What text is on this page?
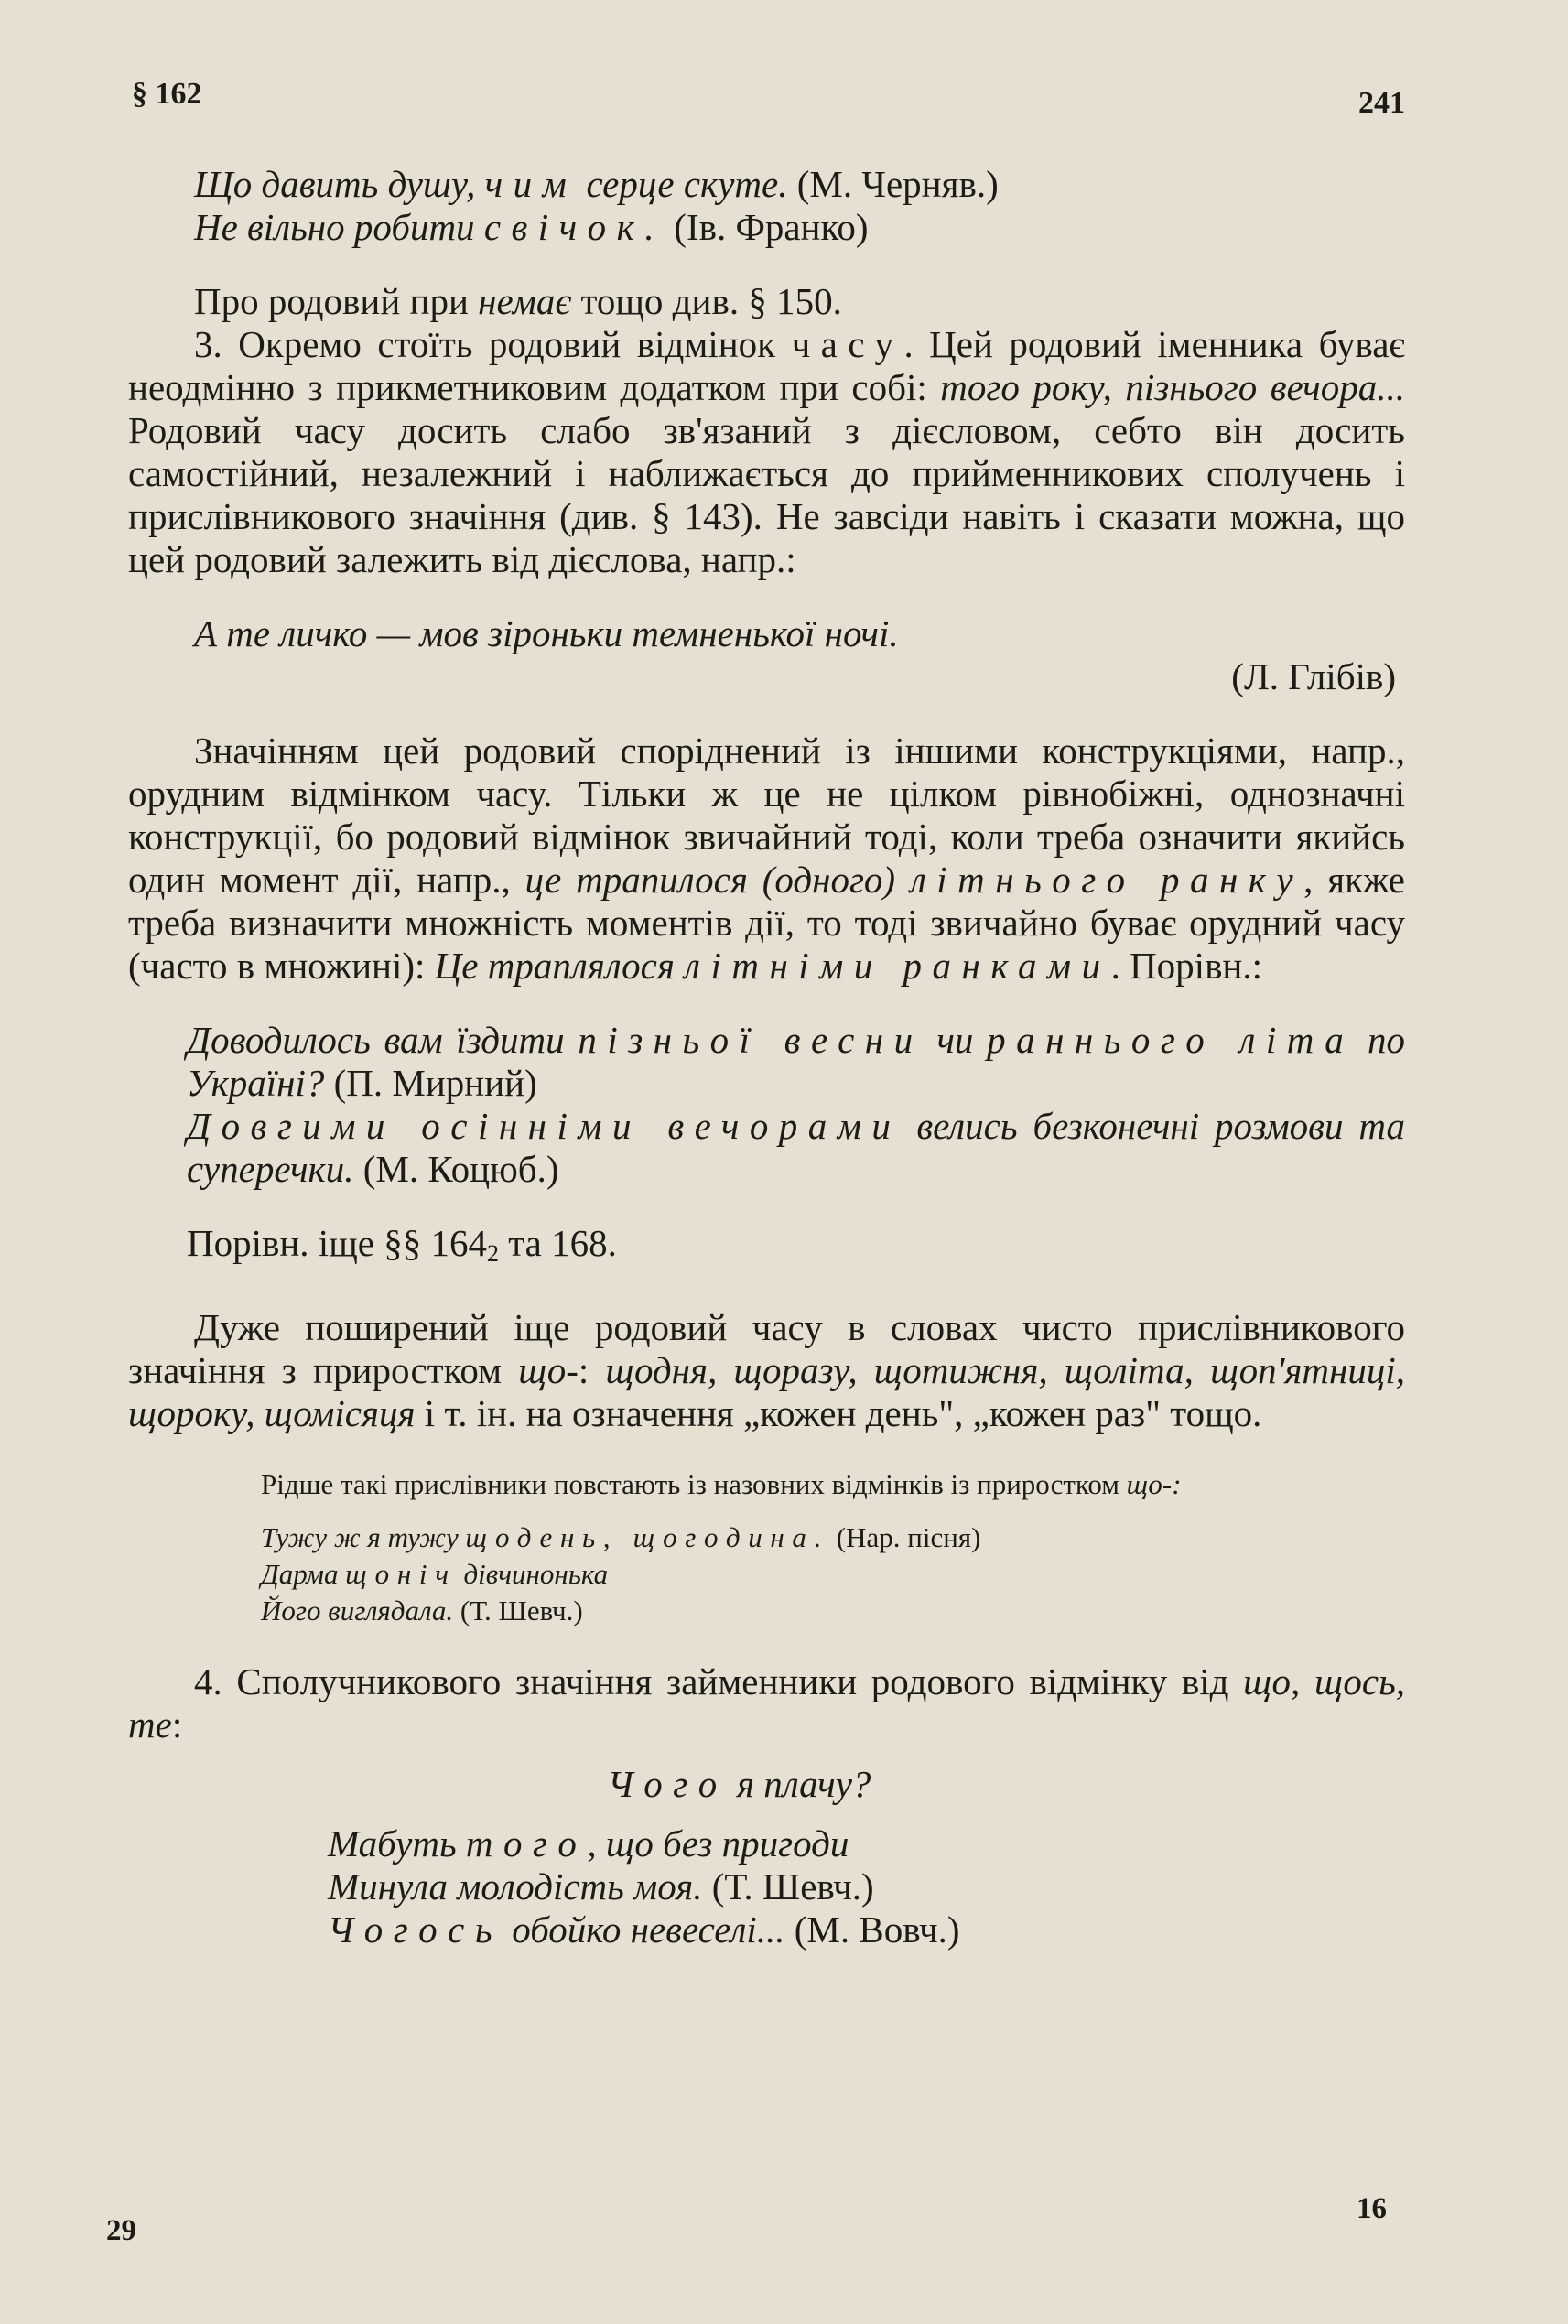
§ 162	241
Що давить душу, чим серце скуте. (М. Черняв.)
Не вільно робити свічок. (Ів. Франко)

Про родовий при немає тощо див. § 150.

3. Окремо стоїть родовий відмінок часу. Цей родовий іменника буває неодмінно з прикметниковим додатком при собі: того року, пізнього вечора... Родовий часу досить слабо зв'язаний з дієсловом, себто він досить самостійний, незалежний і наближається до прийменникових сполучень і прислівникового значіння (див. § 143). Не завсіди навіть і сказати можна, що цей родовий залежить від дієслова, напр.:

А те личко — мов зіроньки темненької ночі.
(Л. Глібів)

Значінням цей родовий споріднений із іншими конструкціями, напр., орудним відмінком часу. Тільки ж це не цілком рівнобіжні, однозначні конструкції, бо родовий відмінок звичайний тоді, коли треба означити якийсь один момент дії, напр., це трапилося (одного) літнього ранку, якже треба визначити множність моментів дії, то тоді звичайно буває орудний часу (часто в множині): Це траплялося літніми ранками. Порівн.:

Доводилось вам їздити пізньої весни чи раннього літа по Україні? (П. Мирний)

Довгими осінніми вечорами велись безконечні розмови та суперечки. (М. Коцюб.)

Порівн. іще §§ $164_2$ та 168.

Дуже поширений іще родовий часу в словах чисто прислівникового значіння з приростком що-: щодня, щоразу, щотижня, щоліта, щоп'ятниці, щороку, щомісяця і т. ін. на означення „кожен день", „кожен раз" тощо.

Рідше такі прислівники повстають із назовних відмінків із приростком що-:

Тужу ж я тужу щодень, щогодина. (Нар. пісня)
Дарма щоніч дівчинонька
Його виглядала. (Т. Шевч.)

4. Сполучникового значіння займенники родового відмінку від що, щось, те:

Чого я плачу?
Мабуть того, що без пригоди
Минула молодість моя. (Т. Шевч.)
Чогось обойко невеселі... (М. Вовч.)
29
16
